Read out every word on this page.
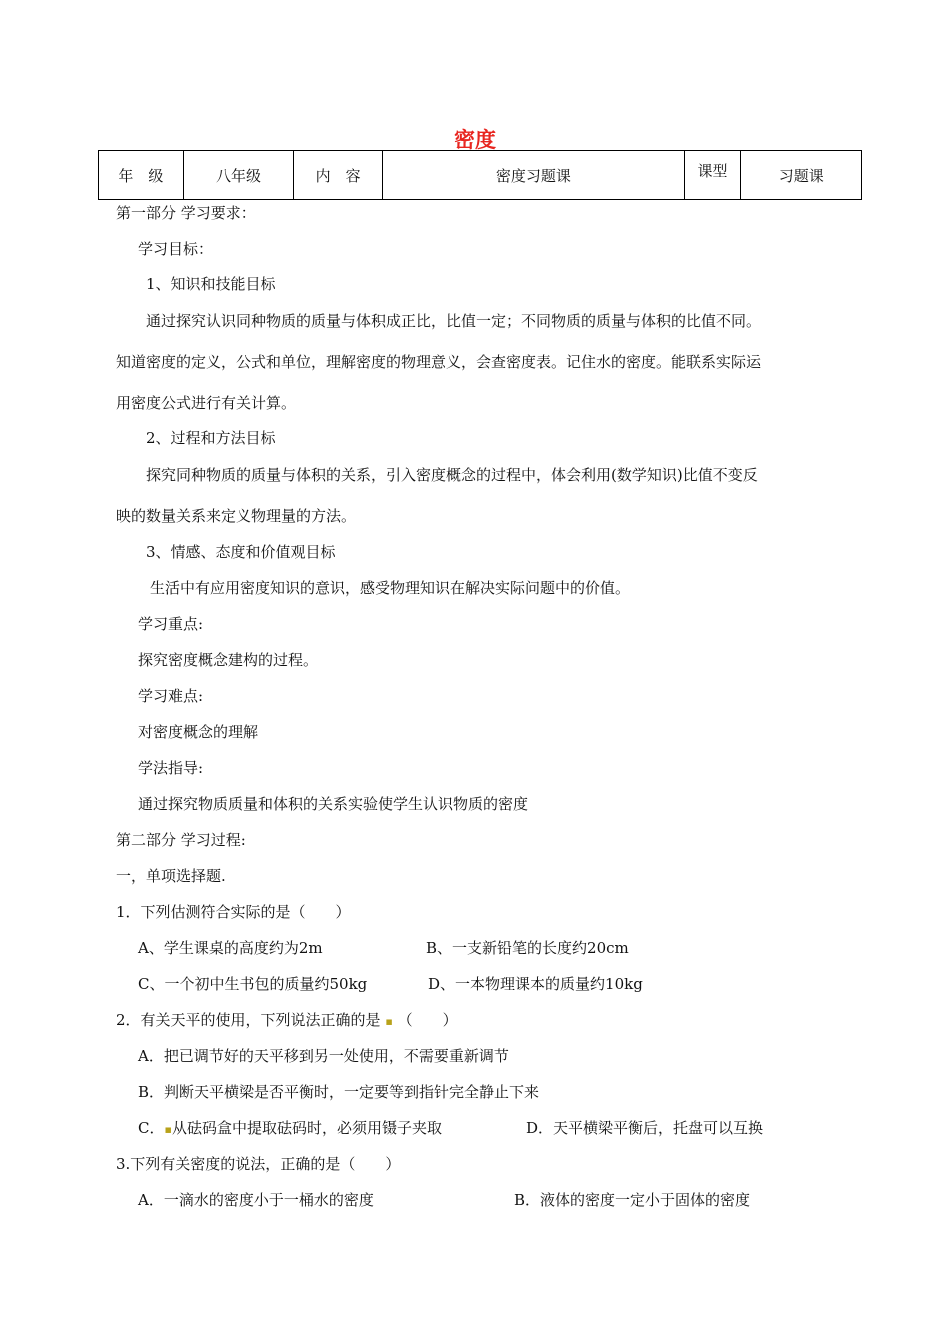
密度
年　级	八年级	内　容	密度习题课	课型	习题课
第一部分 学习要求：
学习目标：
1、知识和技能目标
通过探究认识同种物质的质量与体积成正比，比值一定；不同物质的质量与体积的比值不同。
知道密度的定义，公式和单位，理解密度的物理意义，会查密度表。记住水的密度。能联系实际运
用密度公式进行有关计算。
2、过程和方法目标
探究同种物质的质量与体积的关系，引入密度概念的过程中，体会利用(数学知识)比值不变反
映的数量关系来定义物理量的方法。
3、情感、态度和价值观目标
生活中有应用密度知识的意识，感受物理知识在解决实际问题中的价值。
学习重点:
探究密度概念建构的过程。
学习难点:
对密度概念的理解
学法指导:
通过探究物质质量和体积的关系实验使学生认识物质的密度
第二部分 学习过程:
一，单项选择题.
1．下列估测符合实际的是（　　）
A、学生课桌的高度约为2m	B、一支新铅笔的长度约20cm
C、一个初中生书包的质量约50kg	D、一本物理课本的质量约10kg
2．有关天平的使用，下列说法正确的是 ▪ （　　）
A．把已调节好的天平移到另一处使用，不需要重新调节
B．判断天平横梁是否平衡时，一定要等到指针完全静止下来
C．▪从砝码盒中提取砝码时，必须用镊子夹取	D．天平横梁平衡后，托盘可以互换
3.下列有关密度的说法，正确的是（　　）
A．一滴水的密度小于一桶水的密度	B．液体的密度一定小于固体的密度
